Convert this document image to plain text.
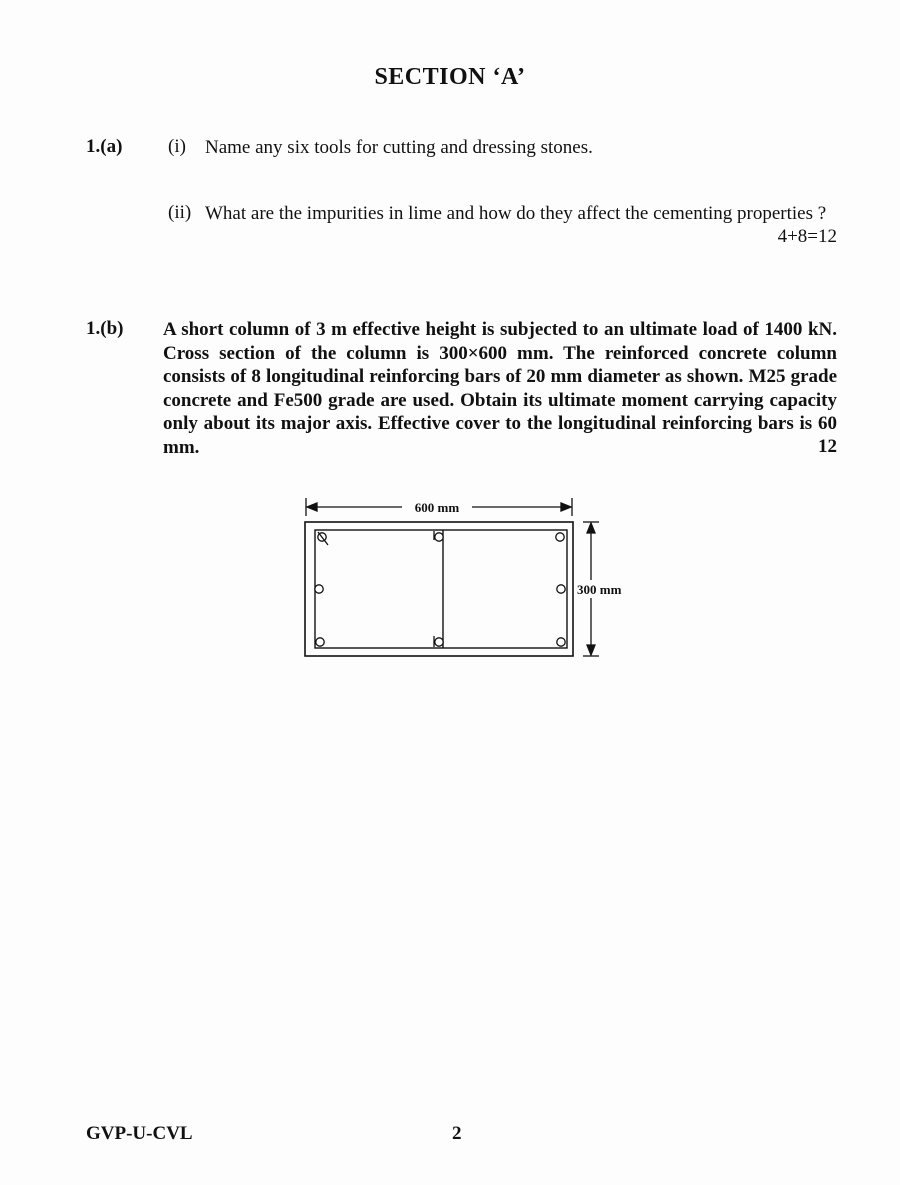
SECTION ‘A’
1.(a) (i) Name any six tools for cutting and dressing stones.
(ii) What are the impurities in lime and how do they affect the cementing properties ?
4+8=12
1.(b) A short column of 3 m effective height is subjected to an ultimate load of 1400 kN. Cross section of the column is 300×600 mm. The reinforced concrete column consists of 8 longitudinal reinforcing bars of 20 mm diameter as shown. M25 grade concrete and Fe500 grade are used. Obtain its ultimate moment carrying capacity only about its major axis. Effective cover to the longitudinal reinforcing bars is 60 mm.	12
600 mm
300 mm
GVP-U-CVL	2
